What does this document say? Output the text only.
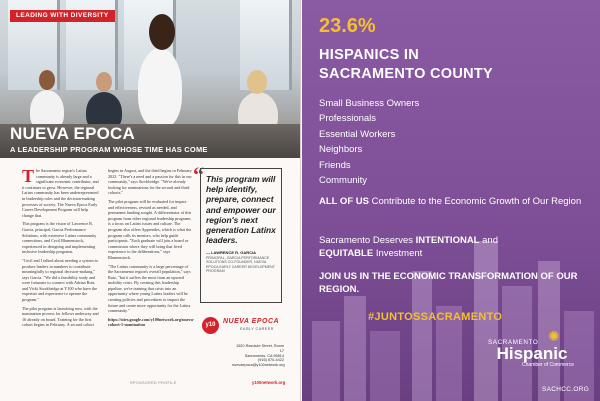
LEADING WITH DIVERSITY
NUEVA EPOCA
A LEADERSHIP PROGRAM WHOSE TIME HAS COME

The Sacramento region's Latinx community is already large and a significant economic contributor, and it continues to grow. However, the regional Latinx community has been underrepresented in leadership roles and the decision-making processes of society. The Nueva Epoca Early Career Development Program will help change that.

This program is the vision of Lawrence R. Garcia, principal, Garcia Performance Solutions, with extensive Latinx community connections, and Cecil Blumenstock, experienced in designing and implementing inclusive leadership programs.

"Cecil and I talked about needing a system to produce leaders in numbers to contribute meaningfully to regional decision-making," says Garcia. "We did a feasibility study and were fortunate to connect with Adrian Ruiz and Vicki Stockbridge at Y100 who have the expertise and experience to operate the program."

The pilot program is launching now, with the nomination process for fellows underway and 16 already on board. Training for the first cohort begins in February. A second cohort

begins in August, and the third begins in February 2023. "There's a need and a passion for this in our community," says Stockbridge. "We're already looking for nominations for the second and third cohorts."

The pilot program will be evaluated for impact and effectiveness, revised as needed, and permanent funding sought. A differentiator of this program from other regional leadership programs is a focus on Latinx issues and culture. The program also offers Apprendes, which is what the program calls its mentors, who help guide participants. "Each graduate will join a board or commission where they will bring that lived experience to the deliberations," says Blumenstock.

"The Latinx community is a large percentage of the Sacramento region's overall population," says Ruiz, "but it suffers the most from an upward mobility crisis. By creating this leadership pipeline, we're training that crisis into an opportunity where young Latinx leaders will be creating policies and procedures to impact the future and create more opportunity for the Latinx community."

https://sites.google.com/y100network.org/nueva-cohort-1-nomination

“ This program will help identify, prepare, connect and empower our region's next generation Latinx leaders.
— LAWRENCE R. GARCIA
PRINCIPAL, GARCIA PERFORMANCE SOLUTIONS CO-FOUNDER, NUEVA EPOCA EARLY CAREER DEVELOPMENT PROGRAM
y10	NUEVA EPOCA
EARLY CAREER
1520 Resolute Street, Room 17
Sacramento, CA 95814
(916) 670-4422
nuevaepoca@y100network.org
SPONSORED PROFILE	y100network.org
23.6%
HISPANICS IN
SACRAMENTO COUNTY
Small Business Owners
Professionals
Essential Workers
Neighbors
Friends
Community
ALL OF US Contribute to the Economic Growth of Our Region
Sacramento Deserves INTENTIONAL and
EQUITABLE Investment
JOIN US IN THE ECONOMIC TRANSFORMATION OF OUR REGION.
#JUNTOSSACRAMENTO
✺
SACRAMENTO
Hispanic
Chamber of Commerce
SACHCC.ORG
